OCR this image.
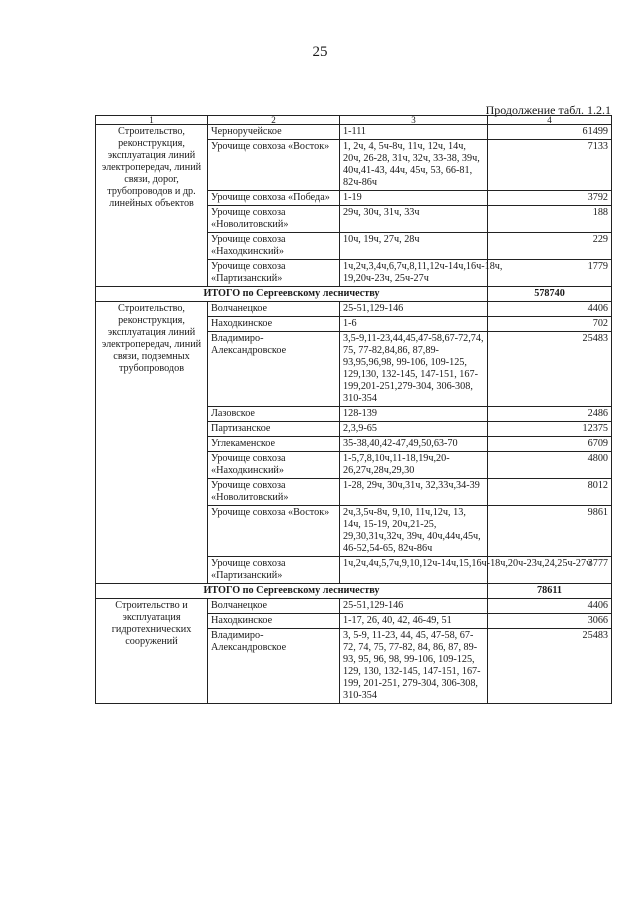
25
Продолжение табл. 1.2.1
1	2	3	4
Строительство, реконструкция, эксплуатация линий электропередач, линий связи, дорог, трубопроводов и др. линейных объектов	Черноручейское	1-111	61499
	Урочище совхоза «Восток»	1, 2ч, 4, 5ч-8ч, 11ч, 12ч, 14ч, 20ч, 26-28, 31ч, 32ч, 33-38, 39ч, 40ч,41-43, 44ч, 45ч, 53, 66-81, 82ч-86ч	7133
	Урочище совхоза «Победа»	1-19	3792
	Урочище совхоза «Новолитовский»	29ч, 30ч, 31ч, 33ч	188
	Урочище совхоза «Находкинский»	10ч, 19ч, 27ч, 28ч	229
	Урочище совхоза «Партизанский»	1ч,2ч,3,4ч,6,7ч,8,11,12ч-14ч,16ч-18ч, 19,20ч-23ч, 25ч-27ч	1779
ИТОГО по Сергеевскому лесничеству			578740
Строительство, реконструкция, эксплуатация линий электропередач, линий связи, подземных трубопроводов	Волчанецкое	25-51,129-146	4406
	Находкинское	1-6	702
	Владимиро-Александровское	3,5-9,11-23,44,45,47-58,67-72,74, 75, 77-82,84,86, 87,89-93,95,96,98, 99-106, 109-125, 129,130, 132-145, 147-151, 167-199,201-251,279-304, 306-308, 310-354	25483
	Лазовское	128-139	2486
	Партизанское	2,3,9-65	12375
	Углекаменское	35-38,40,42-47,49,50,63-70	6709
	Урочище совхоза «Находкинский»	1-5,7,8,10ч,11-18,19ч,20-26,27ч,28ч,29,30	4800
	Урочище совхоза «Новолитовский»	1-28, 29ч, 30ч,31ч, 32,33ч,34-39	8012
	Урочище совхоза «Восток»	2ч,3,5ч-8ч, 9,10, 11ч,12ч, 13, 14ч, 15-19, 20ч,21-25, 29,30,31ч,32ч, 39ч, 40ч,44ч,45ч, 46-52,54-65, 82ч-86ч	9861
	Урочище совхоза «Партизанский»	1ч,2ч,4ч,5,7ч,9,10,12ч-14ч,15,16ч-18ч,20ч-23ч,24,25ч-27ч	3777
ИТОГО по Сергеевскому лесничеству			78611
Строительство и эксплуатация гидротехнических сооружений	Волчанецкое	25-51,129-146	4406
	Находкинское	1-17, 26, 40, 42, 46-49, 51	3066
	Владимиро-Александровское	3, 5-9, 11-23, 44, 45, 47-58, 67-72, 74, 75, 77-82, 84, 86, 87, 89-93, 95, 96, 98, 99-106, 109-125, 129, 130, 132-145, 147-151, 167-199, 201-251, 279-304, 306-308, 310-354	25483
